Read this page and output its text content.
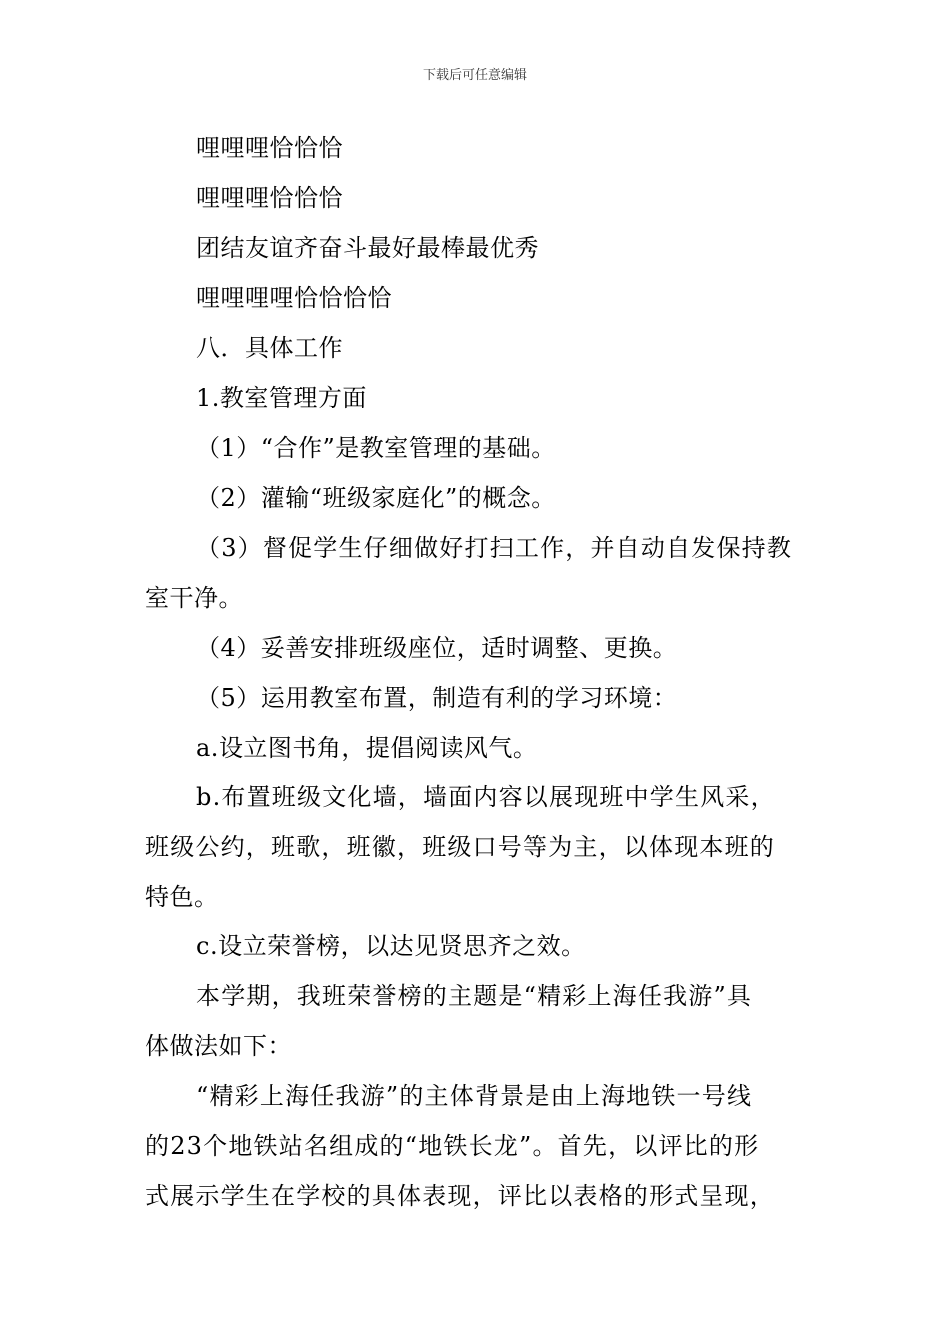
下载后可任意编辑
哩哩哩恰恰恰
哩哩哩恰恰恰
团结友谊齐奋斗最好最棒最优秀
哩哩哩哩恰恰恰恰
八．具体工作
1.教室管理方面
（1）“合作”是教室管理的基础。
（2）灌输“班级家庭化”的概念。
（3）督促学生仔细做好打扫工作，并自动自发保持教
室干净。
（4）妥善安排班级座位，适时调整、更换。
（5）运用教室布置，制造有利的学习环境：
a.设立图书角，提倡阅读风气。
b.布置班级文化墙，墙面内容以展现班中学生风采，
班级公约，班歌，班徽，班级口号等为主，以体现本班的
特色。
c.设立荣誉榜，以达见贤思齐之效。
本学期，我班荣誉榜的主题是“精彩上海任我游”具
体做法如下：
“精彩上海任我游”的主体背景是由上海地铁一号线
的23个地铁站名组成的“地铁长龙”。首先，以评比的形
式展示学生在学校的具体表现，评比以表格的形式呈现，
